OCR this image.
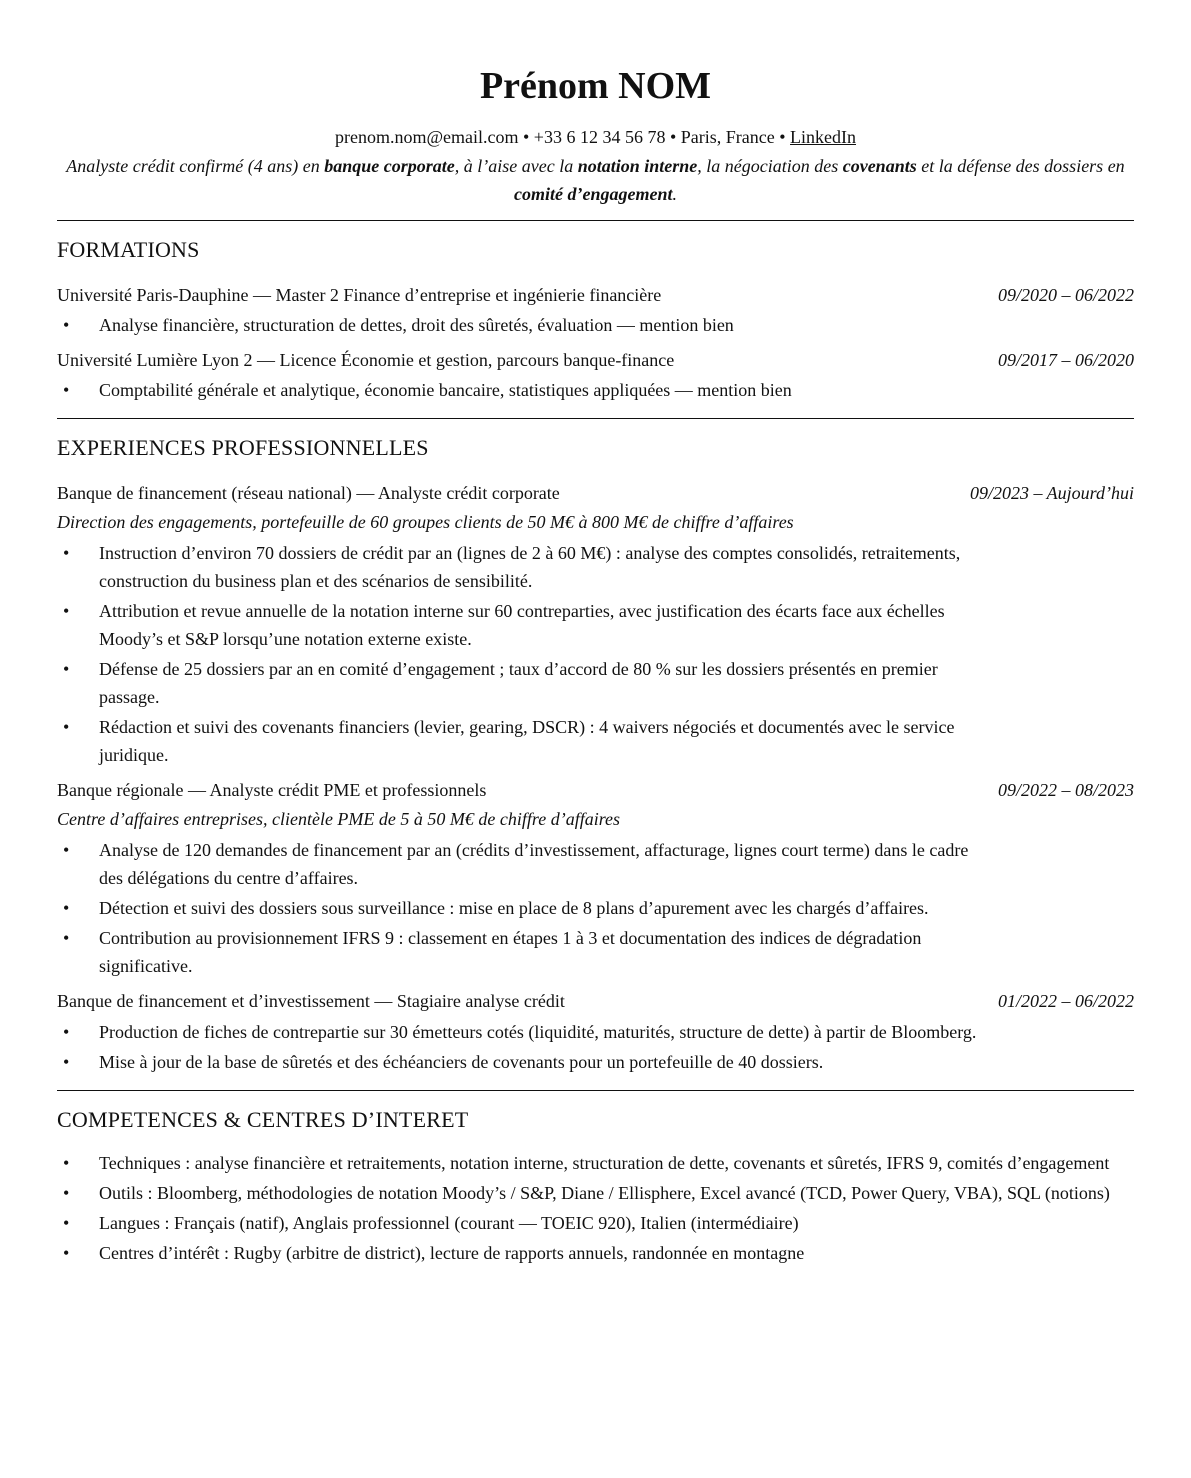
Prénom NOM
prenom.nom@email.com • +33 6 12 34 56 78 • Paris, France • LinkedIn
Analyste crédit confirmé (4 ans) en banque corporate, à l’aise avec la notation interne, la négociation des covenants et la défense des dossiers en comité d’engagement.
FORMATIONS
Université Paris-Dauphine — Master 2 Finance d’entreprise et ingénierie financière	09/2020 – 06/2022
• Analyse financière, structuration de dettes, droit des sûretés, évaluation — mention bien
Université Lumière Lyon 2 — Licence Économie et gestion, parcours banque-finance	09/2017 – 06/2020
• Comptabilité générale et analytique, économie bancaire, statistiques appliquées — mention bien
EXPERIENCES PROFESSIONNELLES
Banque de financement (réseau national) — Analyste crédit corporate	09/2023 – Aujourd’hui
Direction des engagements, portefeuille de 60 groupes clients de 50 M€ à 800 M€ de chiffre d’affaires
• Instruction d’environ 70 dossiers de crédit par an (lignes de 2 à 60 M€) : analyse des comptes consolidés, retraitements, construction du business plan et des scénarios de sensibilité.
• Attribution et revue annuelle de la notation interne sur 60 contreparties, avec justification des écarts face aux échelles Moody’s et S&P lorsqu’une notation externe existe.
• Défense de 25 dossiers par an en comité d’engagement ; taux d’accord de 80 % sur les dossiers présentés en premier passage.
• Rédaction et suivi des covenants financiers (levier, gearing, DSCR) : 4 waivers négociés et documentés avec le service juridique.
Banque régionale — Analyste crédit PME et professionnels	09/2022 – 08/2023
Centre d’affaires entreprises, clientèle PME de 5 à 50 M€ de chiffre d’affaires
• Analyse de 120 demandes de financement par an (crédits d’investissement, affacturage, lignes court terme) dans le cadre des délégations du centre d’affaires.
• Détection et suivi des dossiers sous surveillance : mise en place de 8 plans d’apurement avec les chargés d’affaires.
• Contribution au provisionnement IFRS 9 : classement en étapes 1 à 3 et documentation des indices de dégradation significative.
Banque de financement et d’investissement — Stagiaire analyse crédit	01/2022 – 06/2022
• Production de fiches de contrepartie sur 30 émetteurs cotés (liquidité, maturités, structure de dette) à partir de Bloomberg.
• Mise à jour de la base de sûretés et des échéanciers de covenants pour un portefeuille de 40 dossiers.
COMPETENCES & CENTRES D’INTERET
• Techniques : analyse financière et retraitements, notation interne, structuration de dette, covenants et sûretés, IFRS 9, comités d’engagement
• Outils : Bloomberg, méthodologies de notation Moody’s / S&P, Diane / Ellisphere, Excel avancé (TCD, Power Query, VBA), SQL (notions)
• Langues : Français (natif), Anglais professionnel (courant — TOEIC 920), Italien (intermédiaire)
• Centres d’intérêt : Rugby (arbitre de district), lecture de rapports annuels, randonnée en montagne
